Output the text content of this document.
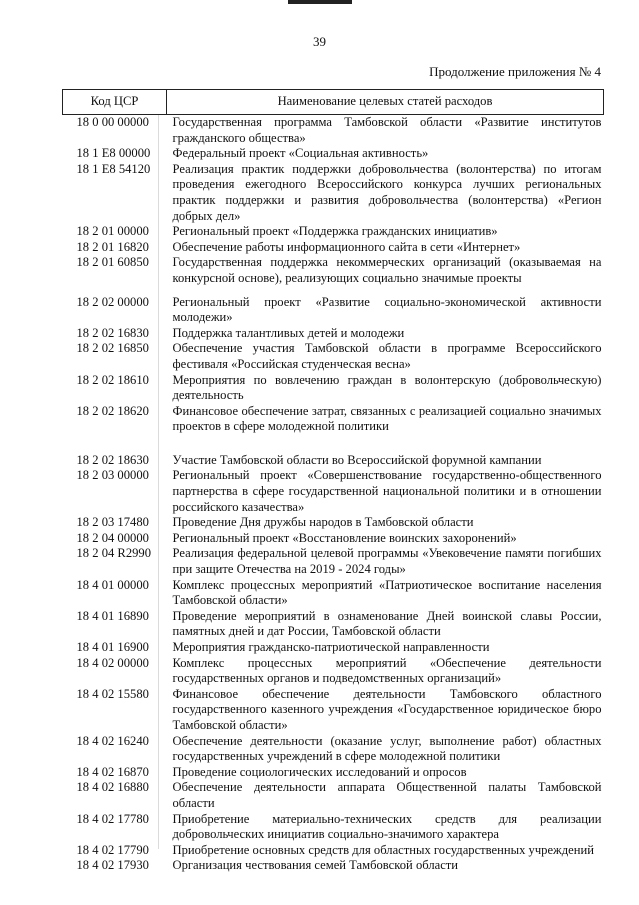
39
Продолжение приложения № 4
Код ЦСР	Наименование целевых статей расходов
18 0 00 00000	Государственная программа Тамбовской области «Развитие институтов гражданского общества»
18 1 E8 00000	Федеральный проект «Социальная активность»
18 1 E8 54120	Реализация практик поддержки добровольчества (волонтерства) по итогам проведения ежегодного Всероссийского конкурса лучших региональных практик поддержки и развития добровольчества (волонтерства) «Регион добрых дел»
18 2 01 00000	Региональный проект «Поддержка гражданских инициатив»
18 2 01 16820	Обеспечение работы информационного сайта в сети «Интернет»
18 2 01 60850	Государственная поддержка некоммерческих организаций (оказываемая на конкурсной основе), реализующих социально значимые проекты
18 2 02 00000	Региональный проект «Развитие социально-экономической активности молодежи»
18 2 02 16830	Поддержка талантливых детей и молодежи
18 2 02 16850	Обеспечение участия Тамбовской области в программе Всероссийского фестиваля «Российская студенческая весна»
18 2 02 18610	Мероприятия по вовлечению граждан в волонтерскую (добровольческую) деятельность
18 2 02 18620	Финансовое обеспечение затрат, связанных с реализацией социально значимых проектов в сфере молодежной политики
18 2 02 18630	Участие Тамбовской области во Всероссийской форумной кампании
18 2 03 00000	Региональный проект «Совершенствование государственно-общественного партнерства в сфере государственной национальной политики и в отношении российского казачества»
18 2 03 17480	Проведение Дня дружбы народов в Тамбовской области
18 2 04 00000	Региональный проект «Восстановление воинских захоронений»
18 2 04 R2990	Реализация федеральной целевой программы «Увековечение памяти погибших при защите Отечества на 2019 - 2024 годы»
18 4 01 00000	Комплекс процессных мероприятий «Патриотическое воспитание населения Тамбовской области»
18 4 01 16890	Проведение мероприятий в ознаменование Дней воинской славы России, памятных дней и дат России, Тамбовской области
18 4 01 16900	Мероприятия гражданско-патриотической направленности
18 4 02 00000	Комплекс процессных мероприятий «Обеспечение деятельности государственных органов и подведомственных организаций»
18 4 02 15580	Финансовое обеспечение деятельности Тамбовского областного государственного казенного учреждения «Государственное юридическое бюро Тамбовской области»
18 4 02 16240	Обеспечение деятельности (оказание услуг, выполнение работ) областных государственных учреждений в сфере молодежной политики
18 4 02 16870	Проведение социологических исследований и опросов
18 4 02 16880	Обеспечение деятельности аппарата Общественной палаты Тамбовской области
18 4 02 17780	Приобретение материально-технических средств для реализации добровольческих инициатив социально-значимого характера
18 4 02 17790	Приобретение основных средств для областных государственных учреждений
18 4 02 17930	Организация чествования семей Тамбовской области
